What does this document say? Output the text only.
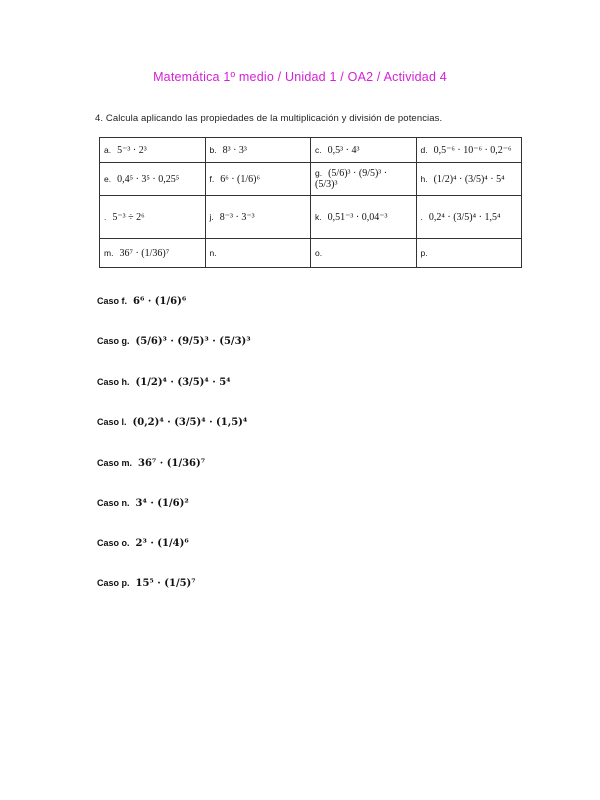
Matemática 1º medio / Unidad 1 / OA2 / Actividad 4
4. Calcula aplicando las propiedades de la multiplicación y división de potencias.
a. 5⁻³ · 2³	b. 8³ · 3³	c. 0,5³ · 4³	d. 0,5⁻⁶ · 10⁻⁶ · 0,2⁻⁶
e. 0,4⁵ · 3⁵ · 0,25⁵	f. 6⁶ · (1/6)⁶	g. (5/6)³ · (9/5)³ · (5/3)³	h. (1/2)⁴ · (3/5)⁴ · 5⁴
. 5⁻³ ÷ 2⁶	j. 8⁻³ · 3⁻³	k. 0,51⁻³ · 0,04⁻³	. 0,2⁴ · (3/5)⁴ · 1,5⁴
m. 36⁷ · (1/36)⁷	n.	o.	p.
Caso f. 6⁶ · (1/6)⁶
Caso g. (5/6)³ · (9/5)³ · (5/3)³
Caso h. (1/2)⁴ · (3/5)⁴ · 5⁴
Caso l. (0,2)⁴ · (3/5)⁴ · (1,5)⁴
Caso m. 36⁷ · (1/36)⁷
Caso n. 3⁴ · (1/6)²
Caso o. 2³ · (1/4)⁶
Caso p. 15⁵ · (1/5)⁷
